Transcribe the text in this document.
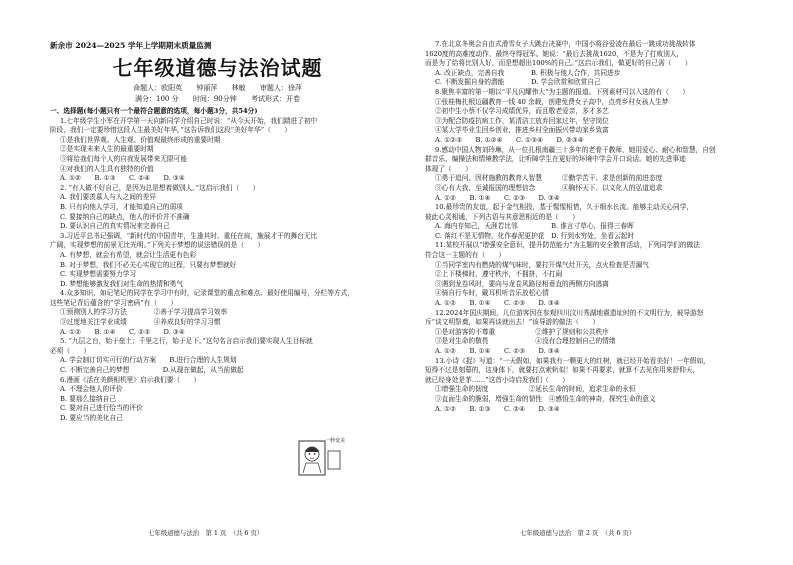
新余市 2024—2025 学年上学期期末质量监测
七年级道德与法治试题
命题人：欧阳英 钟丽萍 林敏 审题人：徐萍
满分：100 分 时间：90分钟 考试形式：开卷
一、选择题(每小题只有一个最符合题意的选项，每小题3分，共54分)
1.七年级学生小军在开学第一天向新同学介绍自己时说：“从今天开始，我们踏进了初中
阶段，我们一定要珍惜这段人生最美好年华。”这告诉我们这段“美好年华”（　　）
①是我们世界观、人生观、价值观最终形成的重要时期
②是实现未来人生的最重要时期
③将给我们每个人的自我发展带来无限可能
④对我们的人生具有独特的价值
A. ①②　　B. ①③　　C. ②④　　D. ③④
2. “有人做不好自己，是因为总是想着做别人。”这启示我们（　　）
A. 我们要羡慕人与人之间的差异
B. 只有向他人学习，才能知道自己的弱项
C. 要接纳自己的缺点，他人的评价并不准确
D. 要认识自己的真实情况来完善自己
3.习近平总书记强调，“新时代的中国青年，生逢其时、重任在肩，施展才干的舞台无比
广阔，实现梦想的前景无比光明。”下列关于梦想的说法错误的是（　　）
A. 有梦想，就会有希望，就会让生活更有色彩
B. 对于梦想，我们不必关心实现它的过程，只要有梦想就好
C. 实现梦想需要努力学习
D. 梦想能够激发我们对生命的热情和勇气
4.众多知识，如记笔记的同学在学习中有时，记录课堂的重点和难点、最好使用编号，分栏等方式，
这些笔记背后蕴含的“学习密码”有（　　）
①预测别人的学习方法　　　　②善于学习提高学习效率
③过度地关注学业成绩　　　　④养成良好的学习习惯
A. ①②　　B. ①④　　C. ②③　　D. ③④
5. “九层之台，始于垒土；千里之行，始于足下。”这句名言启示我们要实现人生目标就
必须（　　）
A. 学会制订切实可行的行动方案　　B.进行合理的人生规划
C. 不断完善自己的梦想　　　　　D.从现在做起，从当前做起
6.漫画《活在美颜相机里》启示我们要（　　）
A. 不理会他人的评价
B. 要那么接纳自己
C. 要对自己进行恰当的评价
D. 要应当的美化自己
一秒变美
7.在北京冬奥会自由式滑雪女子大跳台决赛中，中国小将谷爱凌在最后一跳成功挑战转体
1620度的高难度动作，最终夺得冠军。她说：“最后去挑战1620，不是为了打败别人，
而是为了给将比别人好，而是想超出100%的自己。”这启示我们，做更好的自己需（　　）
A. 改正缺点，完善自我　　　　B. 积极与他人合作，共同进步
C. 不断发掘自身的潜能　　　　D. 学会欣赏和欣赏自己
8.聚焦丰富的第一期以“平凡闪耀伟大”为主题的报道。下列素材可以入选的有（　　）
①张桂梅扎根边疆教育一线 40 余载，创建免费女子高中，点亮乡村女孩人生梦
②初中生小蔡不仅学习成绩优异，而且敬老爱亲，多才多艺
③为配合防疫抗病工作，某清洁工放弃回家过年，坚守岗位
④某大学毕业生回乡创业，推进乡村全面振兴带动家乡致富
A. ①②③　　B. ①②④　　C. ①③④　　D. ②③④
9.感动中国人物刘玲琳，从一位扎根南疆三十多年的老骨干教师，她用爱心、耐心和智慧，自创
群音乐、编操法和情境教学法，让听障学生在更好的环境中学会开口说话。她的先进事迹
体现了（　　）
①勇于追问、因材施教的教育人智慧　　　②勤学苦干、求是创新的前进态度
③心有大我、至诚报国的理想信念　　　　④胸怀天下、以文化人的弘道追求
A. ①②　　B. ①④　　C. ②③　　D. ③④
10.最珍贵的友谊，起于金气相投，基于惺惺相惜，久于细水长流。能够主动关心同学，
彼此心灵相通，下列古语与其意思相近的是（　　）
A. 海内存知己，天涯若比邻　　　　　B. 谁言寸草心，报得三春晖
C. 落红不是无情物，化作春泥更护花　D. 行到水穷处，坐看云起时
11.某校开展以“增强安全意识，提升防范能力”为主题的安全教育活动，下列同学们的做法
符合这一主题的有（　　）
①当同学室内有燃烧的煤气味时，要打开煤气灶开关，点火检查是否漏气
②上下楼梯时，遵守秩序，不拥挤，不打闹
③遇到龙卷风时，要向与龙卷风路径相垂直的两侧方向逃离
④骑自行车时，戴耳机听音乐放松心情
A. ①②　　B. ①④　　C. ②③　　D. ③④
12.2024年国庆期间，儿位游客因在参观四川汶川秀湖地震遗址时的不文明行为，被导游怒
斥“谈文明祭奠，如果再谈就出去！”该导游的做法（　　）
①是对游客的不尊重　　　　　　②维护了规则和公共秩序
③是对生命的敬畏　　　　　　　④没有合理控制自己的情绪
A. ①②　　B. ①④　　C. ②③　　D. ③④
13.小诗《捉》写道：“一天假如，如果我有一颗更大的红树，就已经开始看美好！一年假如，
短得不过是刻幕的，这身体下，就要打点索轨似！如果不再要求，就算不去见你用来舒仰天，
就已经身处是茅……”这首小诗启发我们（　　）
①增强生命的韧度　　　　　　②延长生命的时间，追求生命的永恒
③直面生命的脆弱，增强生命的韧性　④感悟生命的神奇，探究生命的意义
A. ①②　　B. ①③　　C. ②④　　D. ③④
七年级道德与法治　第 1 页　（共 6 页）	七年级道德与法治　第 2 页　（共 6 页）
